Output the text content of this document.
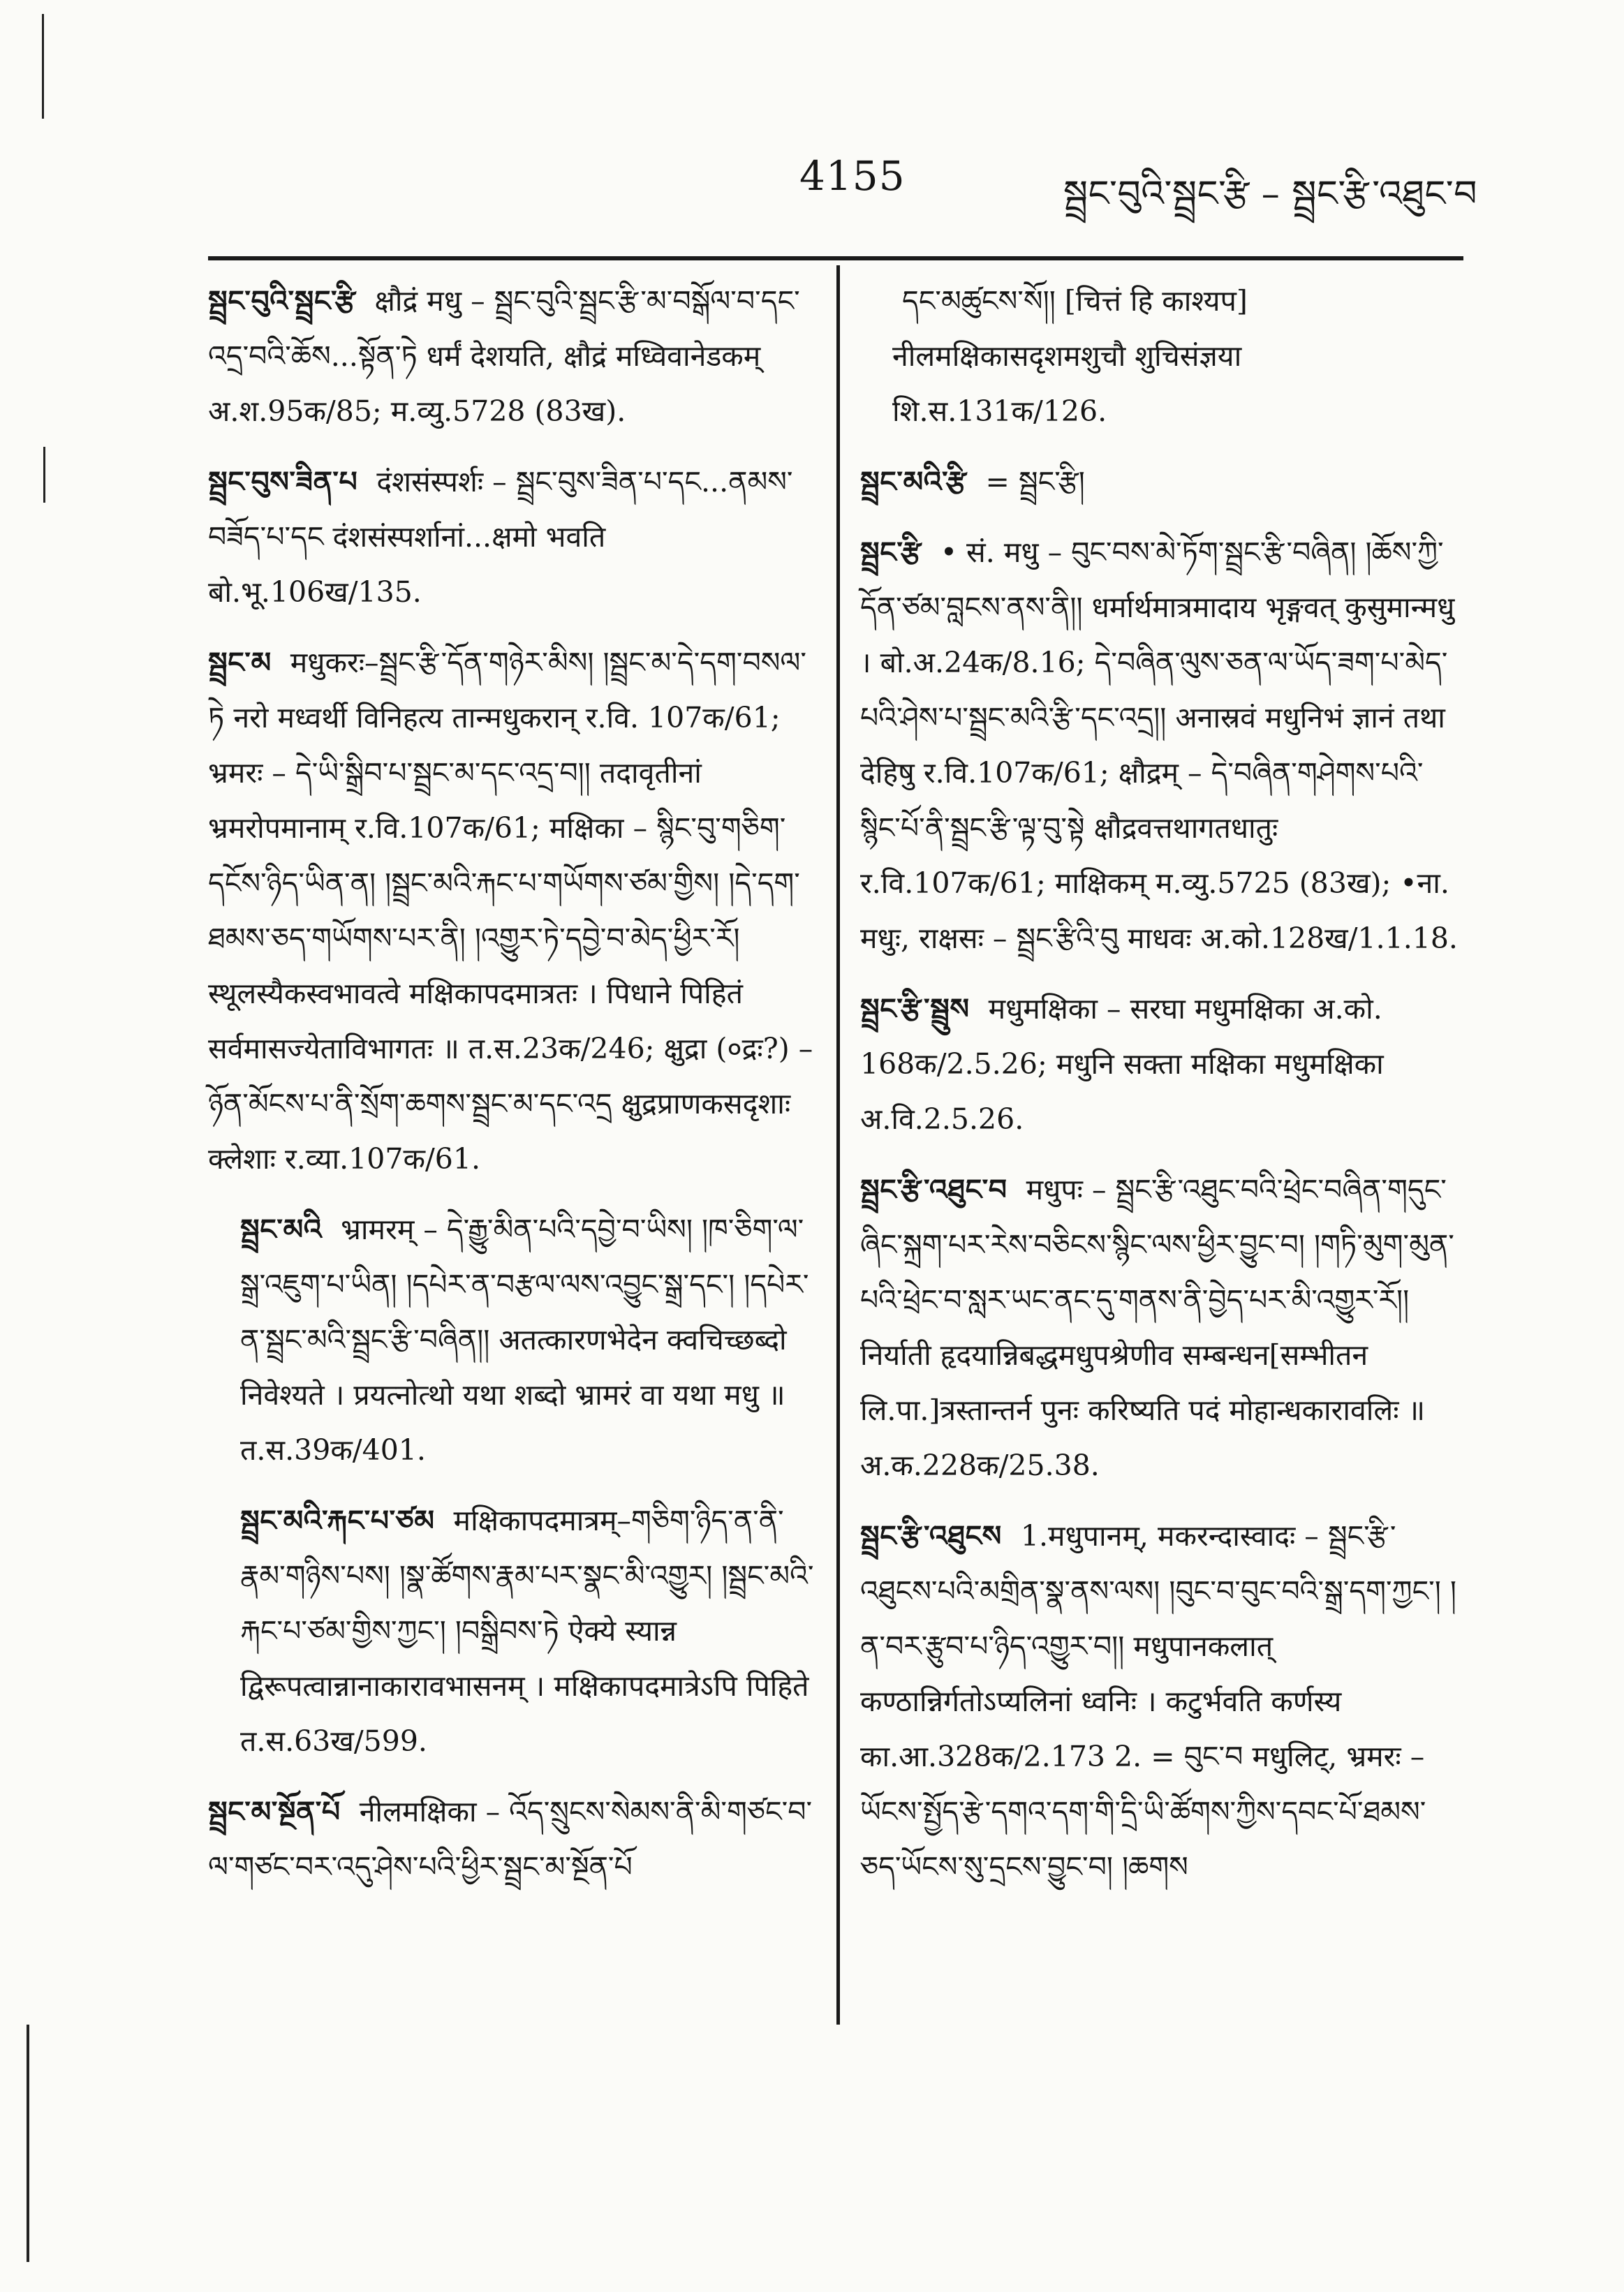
4155	སྦྲང་བུའི་སྦྲང་རྩི – སྦྲང་རྩི་འཐུང་བ

སྦྲང་བུའི་སྦྲང་རྩི क्षौद्रं मधु – སྦྲང་བུའི་སྦྲང་རྩི་མ་བསྒོལ་བ་དང་འདྲ་བའི་ཆོས...སྟོན་ཏེ धर्मं देशयति, क्षौद्रं मध्विवानेडकम् अ.श.95क/85; म.व्यु.5728 (83ख).

སྦྲང་བུས་ཟིན་པ दंशसंस्पर्शः – སྦྲང་བུས་ཟིན་པ་དང...ནམས་བཟོད་པ་དང दंशसंस्पर्शानां...क्षमो भवति बो.भू.106ख/135.

སྦྲང་མ मधुकरः–སྦྲང་རྩི་དོན་གཉེར་མིས། །སྦྲང་མ་དེ་དག་བསལ་ཏེ नरो मध्वर्थी विनिहत्य तान्मधुकरान् र.वि. 107क/61; भ्रमरः – དེ་ཡི་སྒྲིབ་པ་སྦྲང་མ་དང་འདྲ་བ།། तदावृतीनां भ्रमरोपमानाम् र.वि.107क/61; मक्षिका – སྙིང་བུ་གཅིག་དངོས་ཉིད་ཡིན་ན། །སྦྲང་མའི་རྐང་པ་གཡོགས་ཙམ་གྱིས། །དེ་དག་ཐམས་ཅད་གཡོགས་པར་ནི། །འགྱུར་ཏེ་དབྱེ་བ་མེད་ཕྱིར་རོ། स्थूलस्यैकस्वभावत्वे मक्षिकापदमात्रतः । पिधाने पिहितं सर्वमासज्येताविभागतः ॥ त.स.23क/246; क्षुद्रा (०द्रः?) – ཉོན་མོངས་པ་ནི་སྲོག་ཆགས་སྦྲང་མ་དང་འདྲ क्षुद्रप्राणकसदृशाः क्लेशाः र.व्या.107क/61.

སྦྲང་མའི भ्रामरम् – དེ་རྒྱུ་མིན་པའི་དབྱེ་བ་ཡིས། །ཁ་ཅིག་ལ་སྒྲ་འཇུག་པ་ཡིན། །དཔེར་ན་བརྩལ་ལས་འབྱུང་སྒྲ་དང་། །དཔེར་ན་སྦྲང་མའི་སྦྲང་རྩི་བཞིན།། अतत्कारणभेदेन क्वचिच्छब्दो निवेश्यते । प्रयत्नोत्थो यथा शब्दो भ्रामरं वा यथा मधु ॥ त.स.39क/401.

སྦྲང་མའི་རྐང་པ་ཙམ मक्षिकापदमात्रम्–གཅིག་ཉིད་ན་ནི་རྣམ་གཉིས་པས། །སྣ་ཚོགས་རྣམ་པར་སྣང་མི་འགྱུར། །སྦྲང་མའི་རྐང་པ་ཙམ་གྱིས་ཀྱང་། །བསྒྲིབས་ཏེ ऐक्ये स्यान्न द्विरूपत्वान्नानाकारावभासनम् । मक्षिकापदमात्रेऽपि पिहिते त.स.63ख/599.

སྦྲང་མ་སྔོན་པོ नीलमक्षिका – འོད་སྲུངས་སེམས་ནི་མི་གཙང་བ་ལ་གཙང་བར་འདུ་ཤེས་པའི་ཕྱིར་སྦྲང་མ་སྔོན་པོ

དང་མཚུངས་སོ།། [चित्तं हि काश्यप] नीलमक्षिकासदृशमशुचौ शुचिसंज्ञया शि.स.131क/126.

སྦྲང་མའི་རྩི = སྦྲང་རྩི།

སྦྲང་རྩི • सं. मधु – བུང་བས་མེ་ཏོག་སྦྲང་རྩི་བཞིན། །ཆོས་ཀྱི་དོན་ཙམ་བླངས་ནས་ནི།། धर्मार्थमात्रमादाय भृङ्गवत् कुसुमान्मधु । बो.अ.24क/8.16; དེ་བཞིན་ལུས་ཅན་ལ་ཡོད་ཟག་པ་མེད་པའི་ཤེས་པ་སྦྲང་མའི་རྩི་དང་འདྲ།། अनास्रवं मधुनिभं ज्ञानं तथा देहिषु र.वि.107क/61; क्षौद्रम् – དེ་བཞིན་གཤེགས་པའི་སྙིང་པོ་ནི་སྦྲང་རྩི་ལྟ་བུ་སྟེ क्षौद्रवत्तथागतधातुः र.वि.107क/61; माक्षिकम् म.व्यु.5725 (83ख); •ना. मधुः, राक्षसः – སྦྲང་རྩིའི་བུ माधवः अ.को.128ख/1.1.18.

སྦྲང་རྩི་སྦྲུས मधुमक्षिका – सरघा मधुमक्षिका अ.को. 168क/2.5.26; मधुनि सक्ता मक्षिका मधुमक्षिका अ.वि.2.5.26.

སྦྲང་རྩི་འཐུང་བ मधुपः – སྦྲང་རྩི་འཐུང་བའི་ཕྲེང་བཞིན་གདུང་ཞིང་སྐྲག་པར་རེས་བཅིངས་སྙིང་ལས་ཕྱིར་བྱུང་བ། །གཏི་མུག་མུན་པའི་ཕྲེང་བ་སླར་ཡང་ནང་དུ་གནས་ནི་བྱེད་པར་མི་འགྱུར་རོ།། निर्याती हृदयान्निबद्धमधुपश्रेणीव सम्बन्धन[सम्भीतन लि.पा.]त्रस्तान्तर्न पुनः करिष्यति पदं मोहान्धकारावलिः ॥ अ.क.228क/25.38.

སྦྲང་རྩི་འཐུངས 1.मधुपानम्, मकरन्दास्वादः – སྦྲང་རྩི་འཐུངས་པའི་མགྲིན་སྣ་ནས་ལས། །བུང་བ་བུང་བའི་སྒྲ་དག་ཀྱང་། །ན་བར་རྩུབ་པ་ཉིད་འགྱུར་བ།། मधुपानकलात् कण्ठान्निर्गतोऽप्यलिनां ध्वनिः । कटुर्भवति कर्णस्य का.आ.328क/2.173 2. = བུང་བ मधुलिट्, भ्रमरः – ཡོངས་སྤྱོད་རྩེ་དགའ་དག་གི་དྲི་ཡི་ཚོགས་ཀྱིས་དབང་པོ་ཐམས་ཅད་ཡོངས་སུ་དྲངས་བྱུང་བ། །ཆགས
